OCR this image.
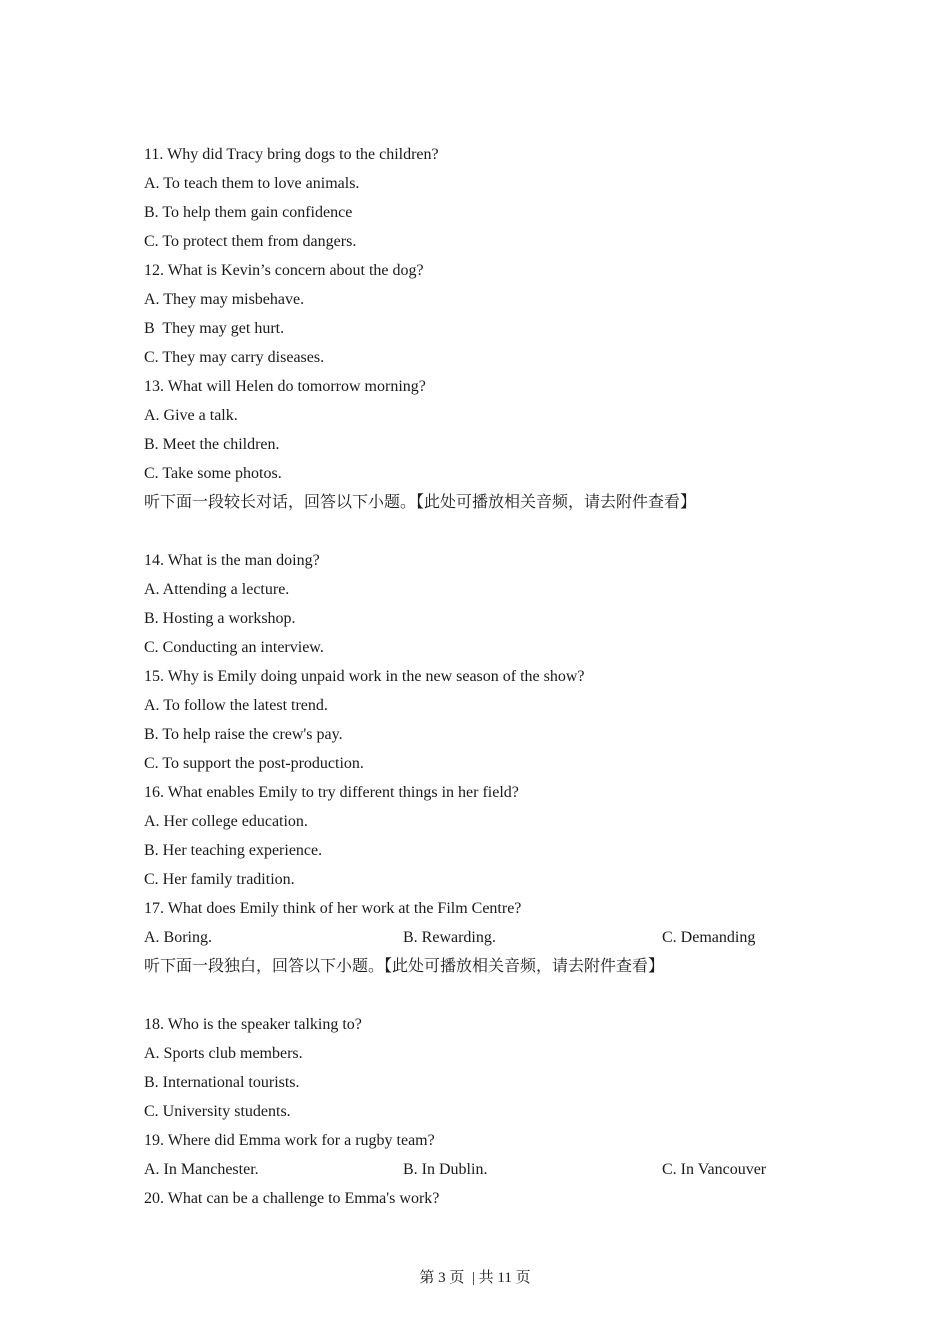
11. Why did Tracy bring dogs to the children?
A. To teach them to love animals.
B. To help them gain confidence
C. To protect them from dangers.
12. What is Kevin’s concern about the dog?
A. They may misbehave.
B  They may get hurt.
C. They may carry diseases.
13. What will Helen do tomorrow morning?
A. Give a talk.
B. Meet the children.
C. Take some photos.
听下面一段较长对话，回答以下小题。【此处可播放相关音频，请去附件查看】
14. What is the man doing?
A. Attending a lecture.
B. Hosting a workshop.
C. Conducting an interview.
15. Why is Emily doing unpaid work in the new season of the show?
A. To follow the latest trend.
B. To help raise the crew's pay.
C. To support the post-production.
16. What enables Emily to try different things in her field?
A. Her college education.
B. Her teaching experience.
C. Her family tradition.
17. What does Emily think of her work at the Film Centre?
A. Boring.	B. Rewarding.	C. Demanding
听下面一段独白，回答以下小题。【此处可播放相关音频，请去附件查看】
18. Who is the speaker talking to?
A. Sports club members.
B. International tourists.
C. University students.
19. Where did Emma work for a rugby team?
A. In Manchester.	B. In Dublin.	C. In Vancouver
20. What can be a challenge to Emma's work?
第 3 页  | 共 11 页
